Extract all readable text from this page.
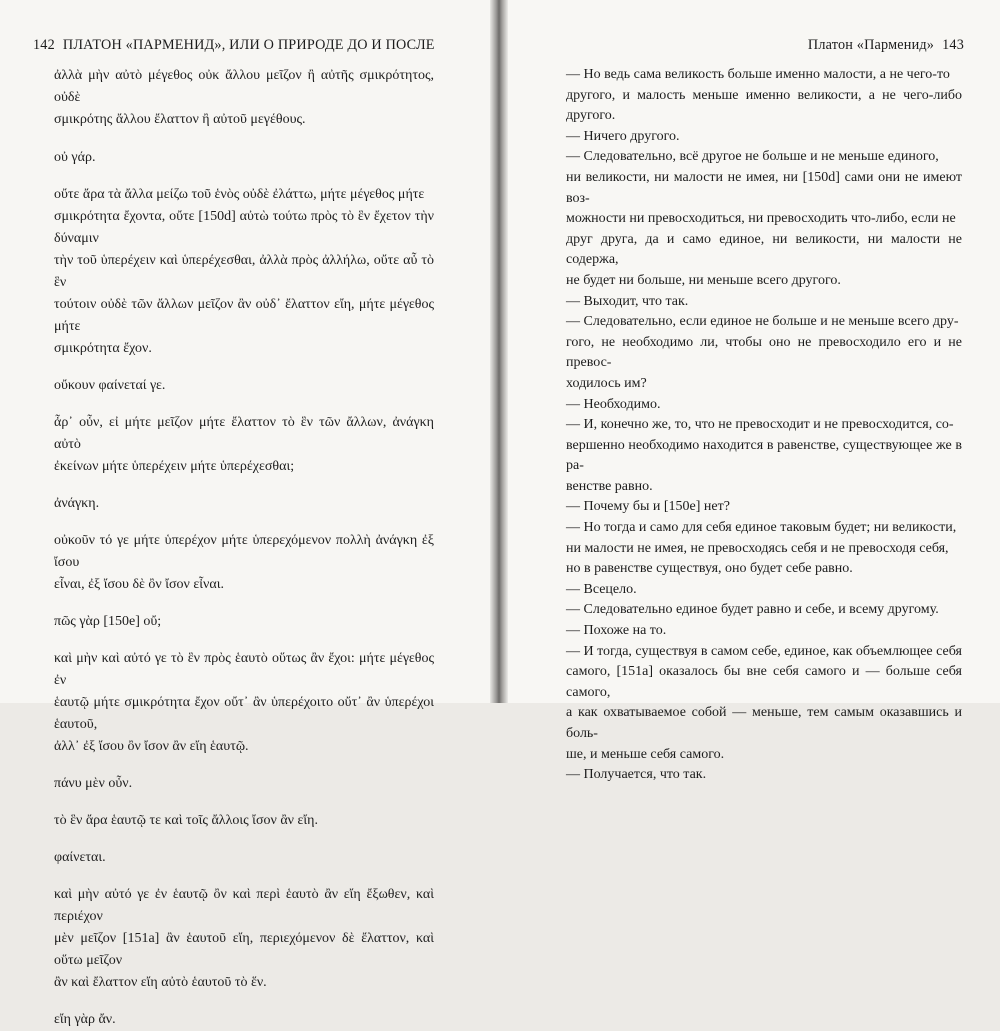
142 ПЛАТОН «ПАРМЕНИД», ИЛИ О ПРИРОДЕ ДО И ПОСЛЕ

ἀλλὰ μὴν αὐτὸ μέγεθος οὐκ ἄλλου μεῖζον ἢ αὐτῆς σμικρότητος, οὐδὲ
σμικρότης ἄλλου ἔλαττον ἢ αὐτοῦ μεγέθους.

οὐ γάρ.

οὔτε ἄρα τὰ ἄλλα μείζω τοῦ ἑνὸς οὐδὲ ἐλάττω, μήτε μέγεθος μήτε
σμικρότητα ἔχοντα, οὔτε [150d] αὐτὼ τούτω πρὸς τὸ ἓν ἔχετον τὴν δύναμιν
τὴν τοῦ ὑπερέχειν καὶ ὑπερέχεσθαι, ἀλλὰ πρὸς ἀλλήλω, οὔτε αὖ τὸ ἓν
τούτοιν οὐδὲ τῶν ἄλλων μεῖζον ἂν οὐδ᾽ ἔλαττον εἴη, μήτε μέγεθος μήτε
σμικρότητα ἔχον.

οὔκουν φαίνεταί γε.

ἆρ᾽ οὖν, εἰ μήτε μεῖζον μήτε ἔλαττον τὸ ἓν τῶν ἄλλων, ἀνάγκη αὐτὸ
ἐκείνων μήτε ὑπερέχειν μήτε ὑπερέχεσθαι;

ἀνάγκη.

οὐκοῦν τό γε μήτε ὑπερέχον μήτε ὑπερεχόμενον πολλὴ ἀνάγκη ἐξ ἴσου
εἶναι, ἐξ ἴσου δὲ ὂν ἴσον εἶναι.

πῶς γὰρ [150e] οὔ;

καὶ μὴν καὶ αὐτό γε τὸ ἓν πρὸς ἑαυτὸ οὕτως ἂν ἔχοι: μήτε μέγεθος ἐν
ἑαυτῷ μήτε σμικρότητα ἔχον οὔτ᾽ ἂν ὑπερέχοιτο οὔτ᾽ ἂν ὑπερέχοι ἑαυτοῦ,
ἀλλ᾽ ἐξ ἴσου ὂν ἴσον ἂν εἴη ἑαυτῷ.

πάνυ μὲν οὖν.

τὸ ἓν ἄρα ἑαυτῷ τε καὶ τοῖς ἄλλοις ἴσον ἂν εἴη.

φαίνεται.

καὶ μὴν αὐτό γε ἐν ἑαυτῷ ὂν καὶ περὶ ἑαυτὸ ἂν εἴη ἔξωθεν, καὶ περιέχον
μὲν μεῖζον [151a] ἂν ἑαυτοῦ εἴη, περιεχόμενον δὲ ἔλαττον, καὶ οὕτω μεῖζον
ἂν καὶ ἔλαττον εἴη αὐτὸ ἑαυτοῦ τὸ ἕν.

εἴη γὰρ ἄν.

Платон «Парменид» 143

— Но ведь сама великость больше именно малости, а не чего-то
другого, и малость меньше именно великости, а не чего-либо другого.

— Ничего другого.

— Следовательно, всё другое не больше и не меньше единого,
ни великости, ни малости не имея, ни [150d] сами они не имеют воз-
можности ни превосходиться, ни превосходить что-либо, если не
друг друга, да и само единое, ни великости, ни малости не содержа,
не будет ни больше, ни меньше всего другого.

— Выходит, что так.

— Следовательно, если единое не больше и не меньше всего дру-
гого, не необходимо ли, чтобы оно не превосходило его и не превос-
ходилось им?

— Необходимо.

— И, конечно же, то, что не превосходит и не превосходится, со-
вершенно необходимо находится в равенстве, существующее же в ра-
венстве равно.

— Почему бы и [150e] нет?

— Но тогда и само для себя единое таковым будет; ни великости,
ни малости не имея, не превосходясь себя и не превосходя себя,
но в равенстве существуя, оно будет себе равно.

— Всецело.

— Следовательно единое будет равно и себе, и всему другому.

— Похоже на то.

— И тогда, существуя в самом себе, единое, как объемлющее себя
самого, [151a] оказалось бы вне себя самого и — больше себя самого,
а как охватываемое собой — меньше, тем самым оказавшись и боль-
ше, и меньше себя самого.

— Получается, что так.
